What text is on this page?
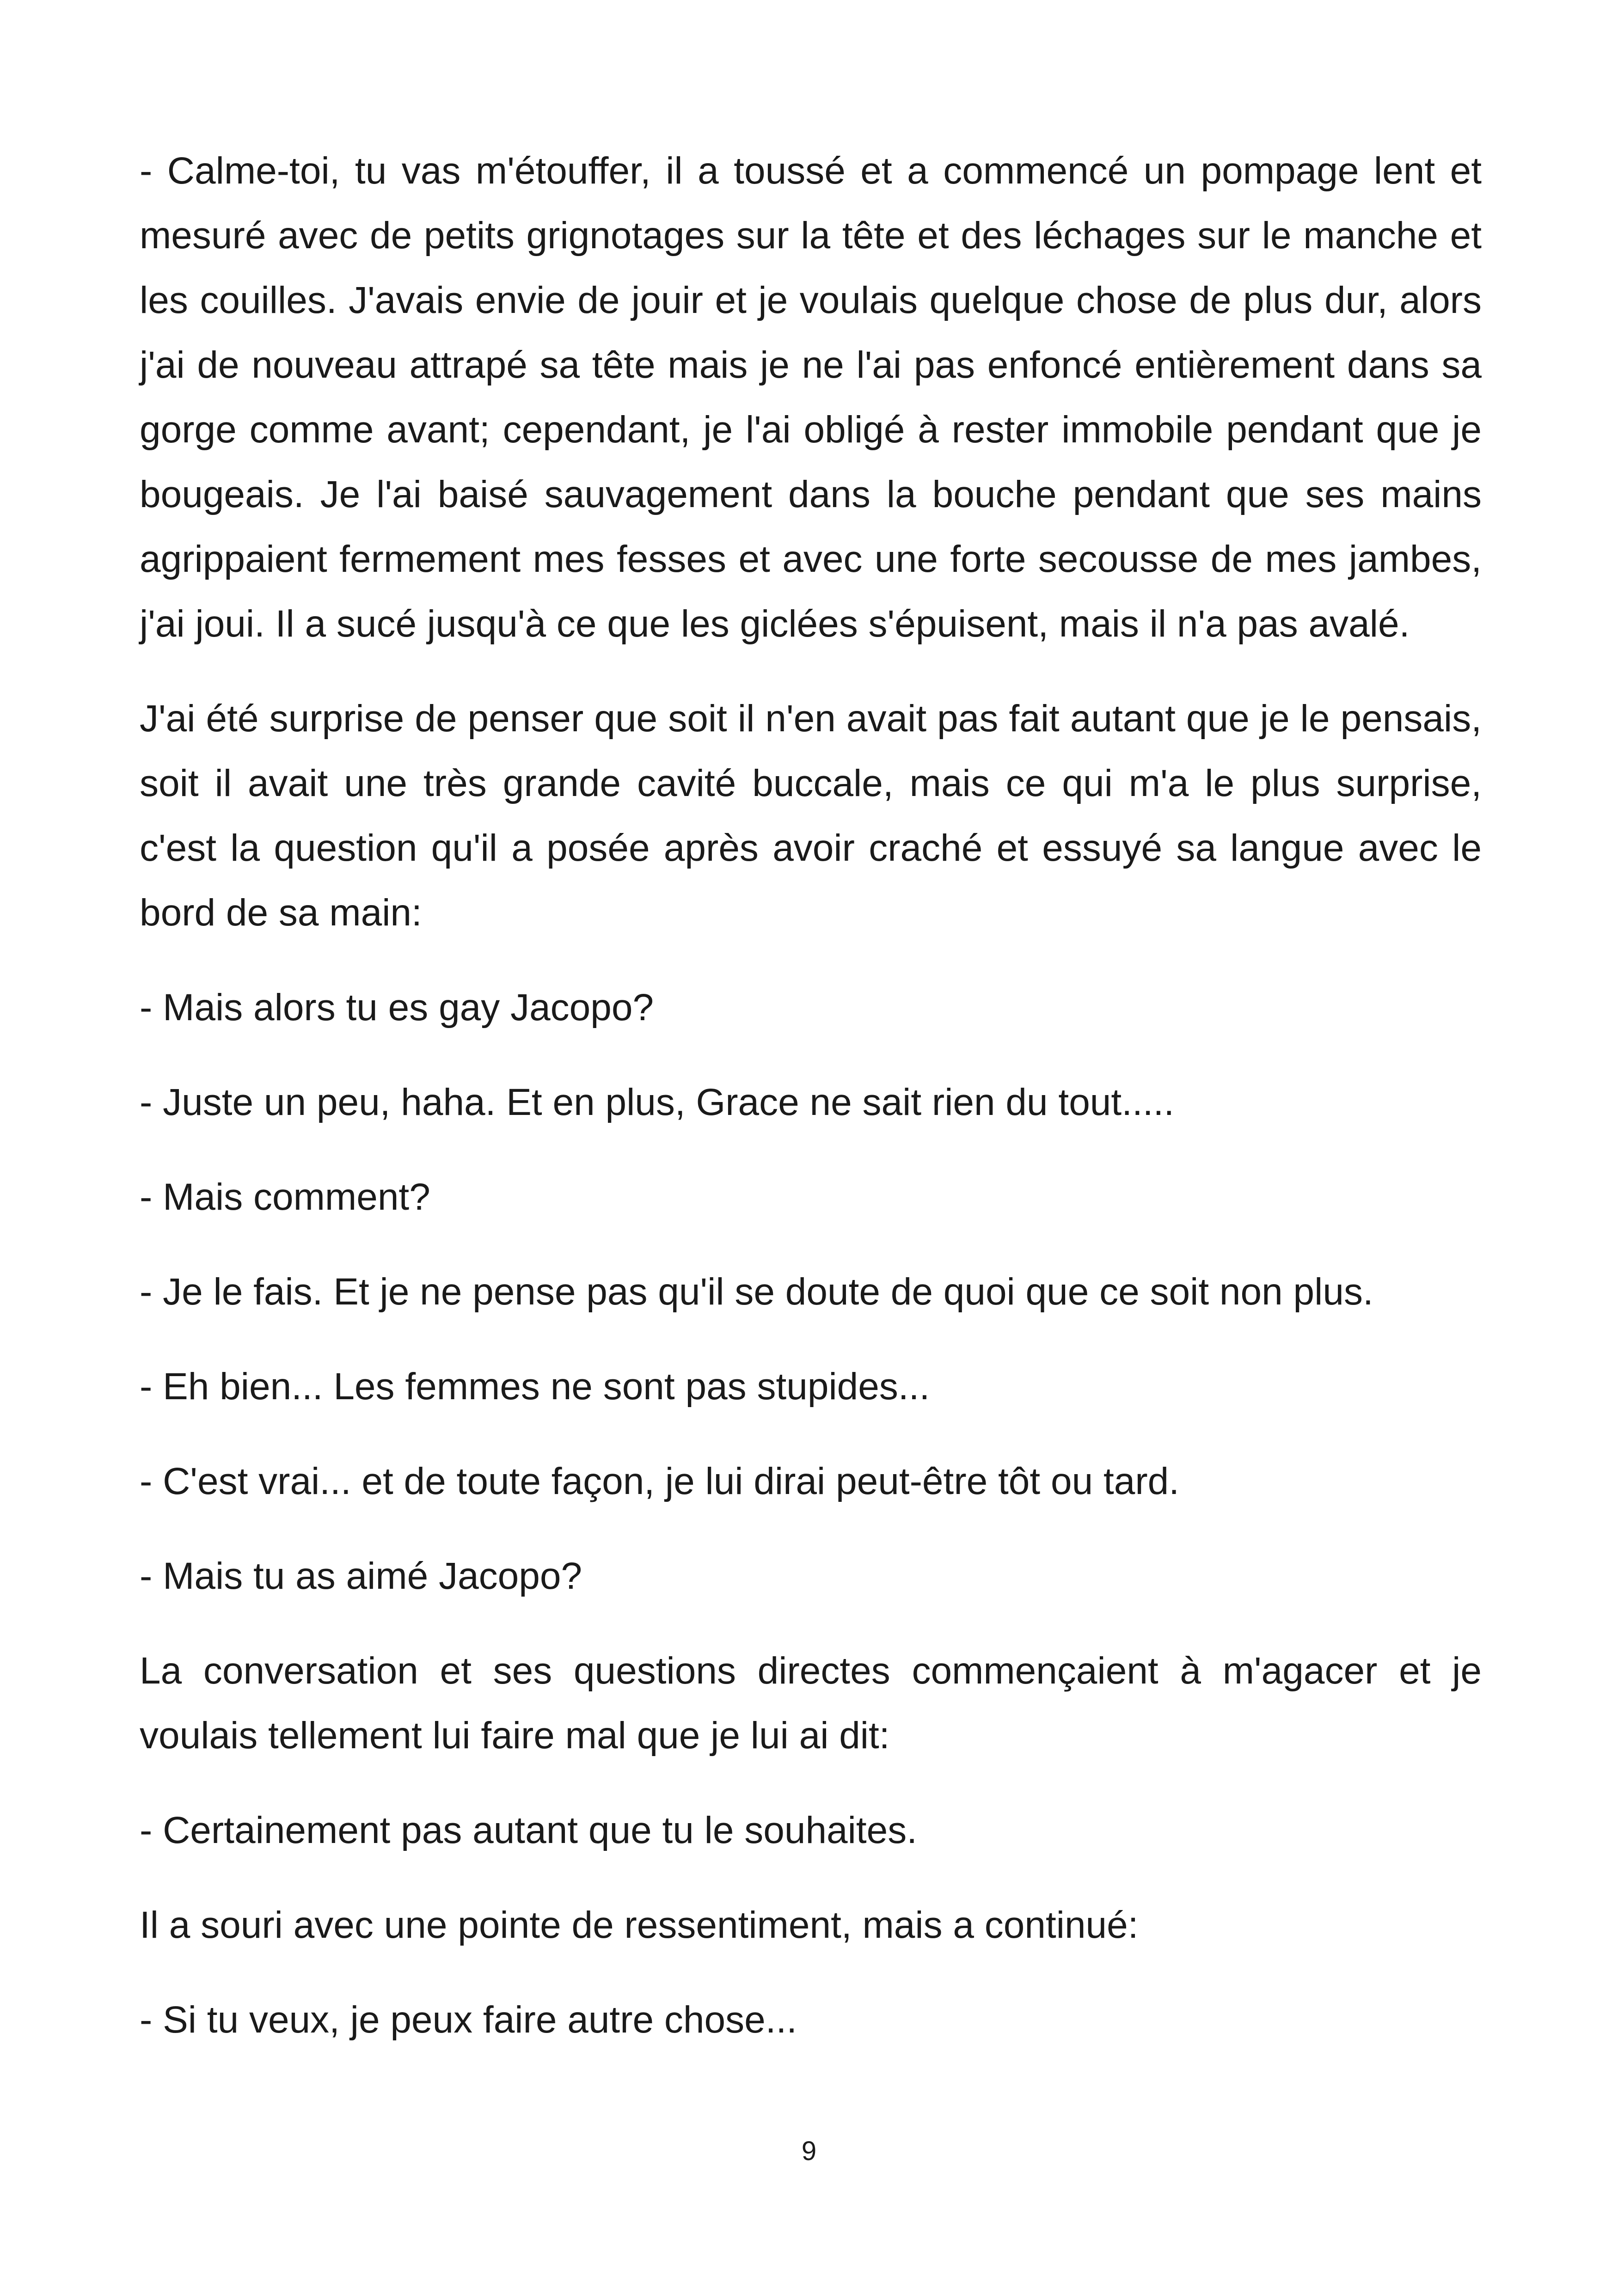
- Calme-toi, tu vas m'étouffer, il a toussé et a commencé un pompage lent et mesuré avec de petits grignotages sur la tête et des léchages sur le manche et les couilles. J'avais envie de jouir et je voulais quelque chose de plus dur, alors j'ai de nouveau attrapé sa tête mais je ne l'ai pas enfoncé entièrement dans sa gorge comme avant; cependant, je l'ai obligé à rester immobile pendant que je bougeais. Je l'ai baisé sauvagement dans la bouche pendant que ses mains agrippaient fermement mes fesses et avec une forte secousse de mes jambes, j'ai joui. Il a sucé jusqu'à ce que les giclées s'épuisent, mais il n'a pas avalé.

J'ai été surprise de penser que soit il n'en avait pas fait autant que je le pensais, soit il avait une très grande cavité buccale, mais ce qui m'a le plus surprise, c'est la question qu'il a posée après avoir craché et essuyé sa langue avec le bord de sa main:

- Mais alors tu es gay Jacopo?

- Juste un peu, haha. Et en plus, Grace ne sait rien du tout.....

- Mais comment?

- Je le fais. Et je ne pense pas qu'il se doute de quoi que ce soit non plus.

- Eh bien... Les femmes ne sont pas stupides...

- C'est vrai... et de toute façon, je lui dirai peut-être tôt ou tard.

- Mais tu as aimé Jacopo?

La conversation et ses questions directes commençaient à m'agacer et je voulais tellement lui faire mal que je lui ai dit:

- Certainement pas autant que tu le souhaites.

Il a souri avec une pointe de ressentiment, mais a continué:

- Si tu veux, je peux faire autre chose...

9
